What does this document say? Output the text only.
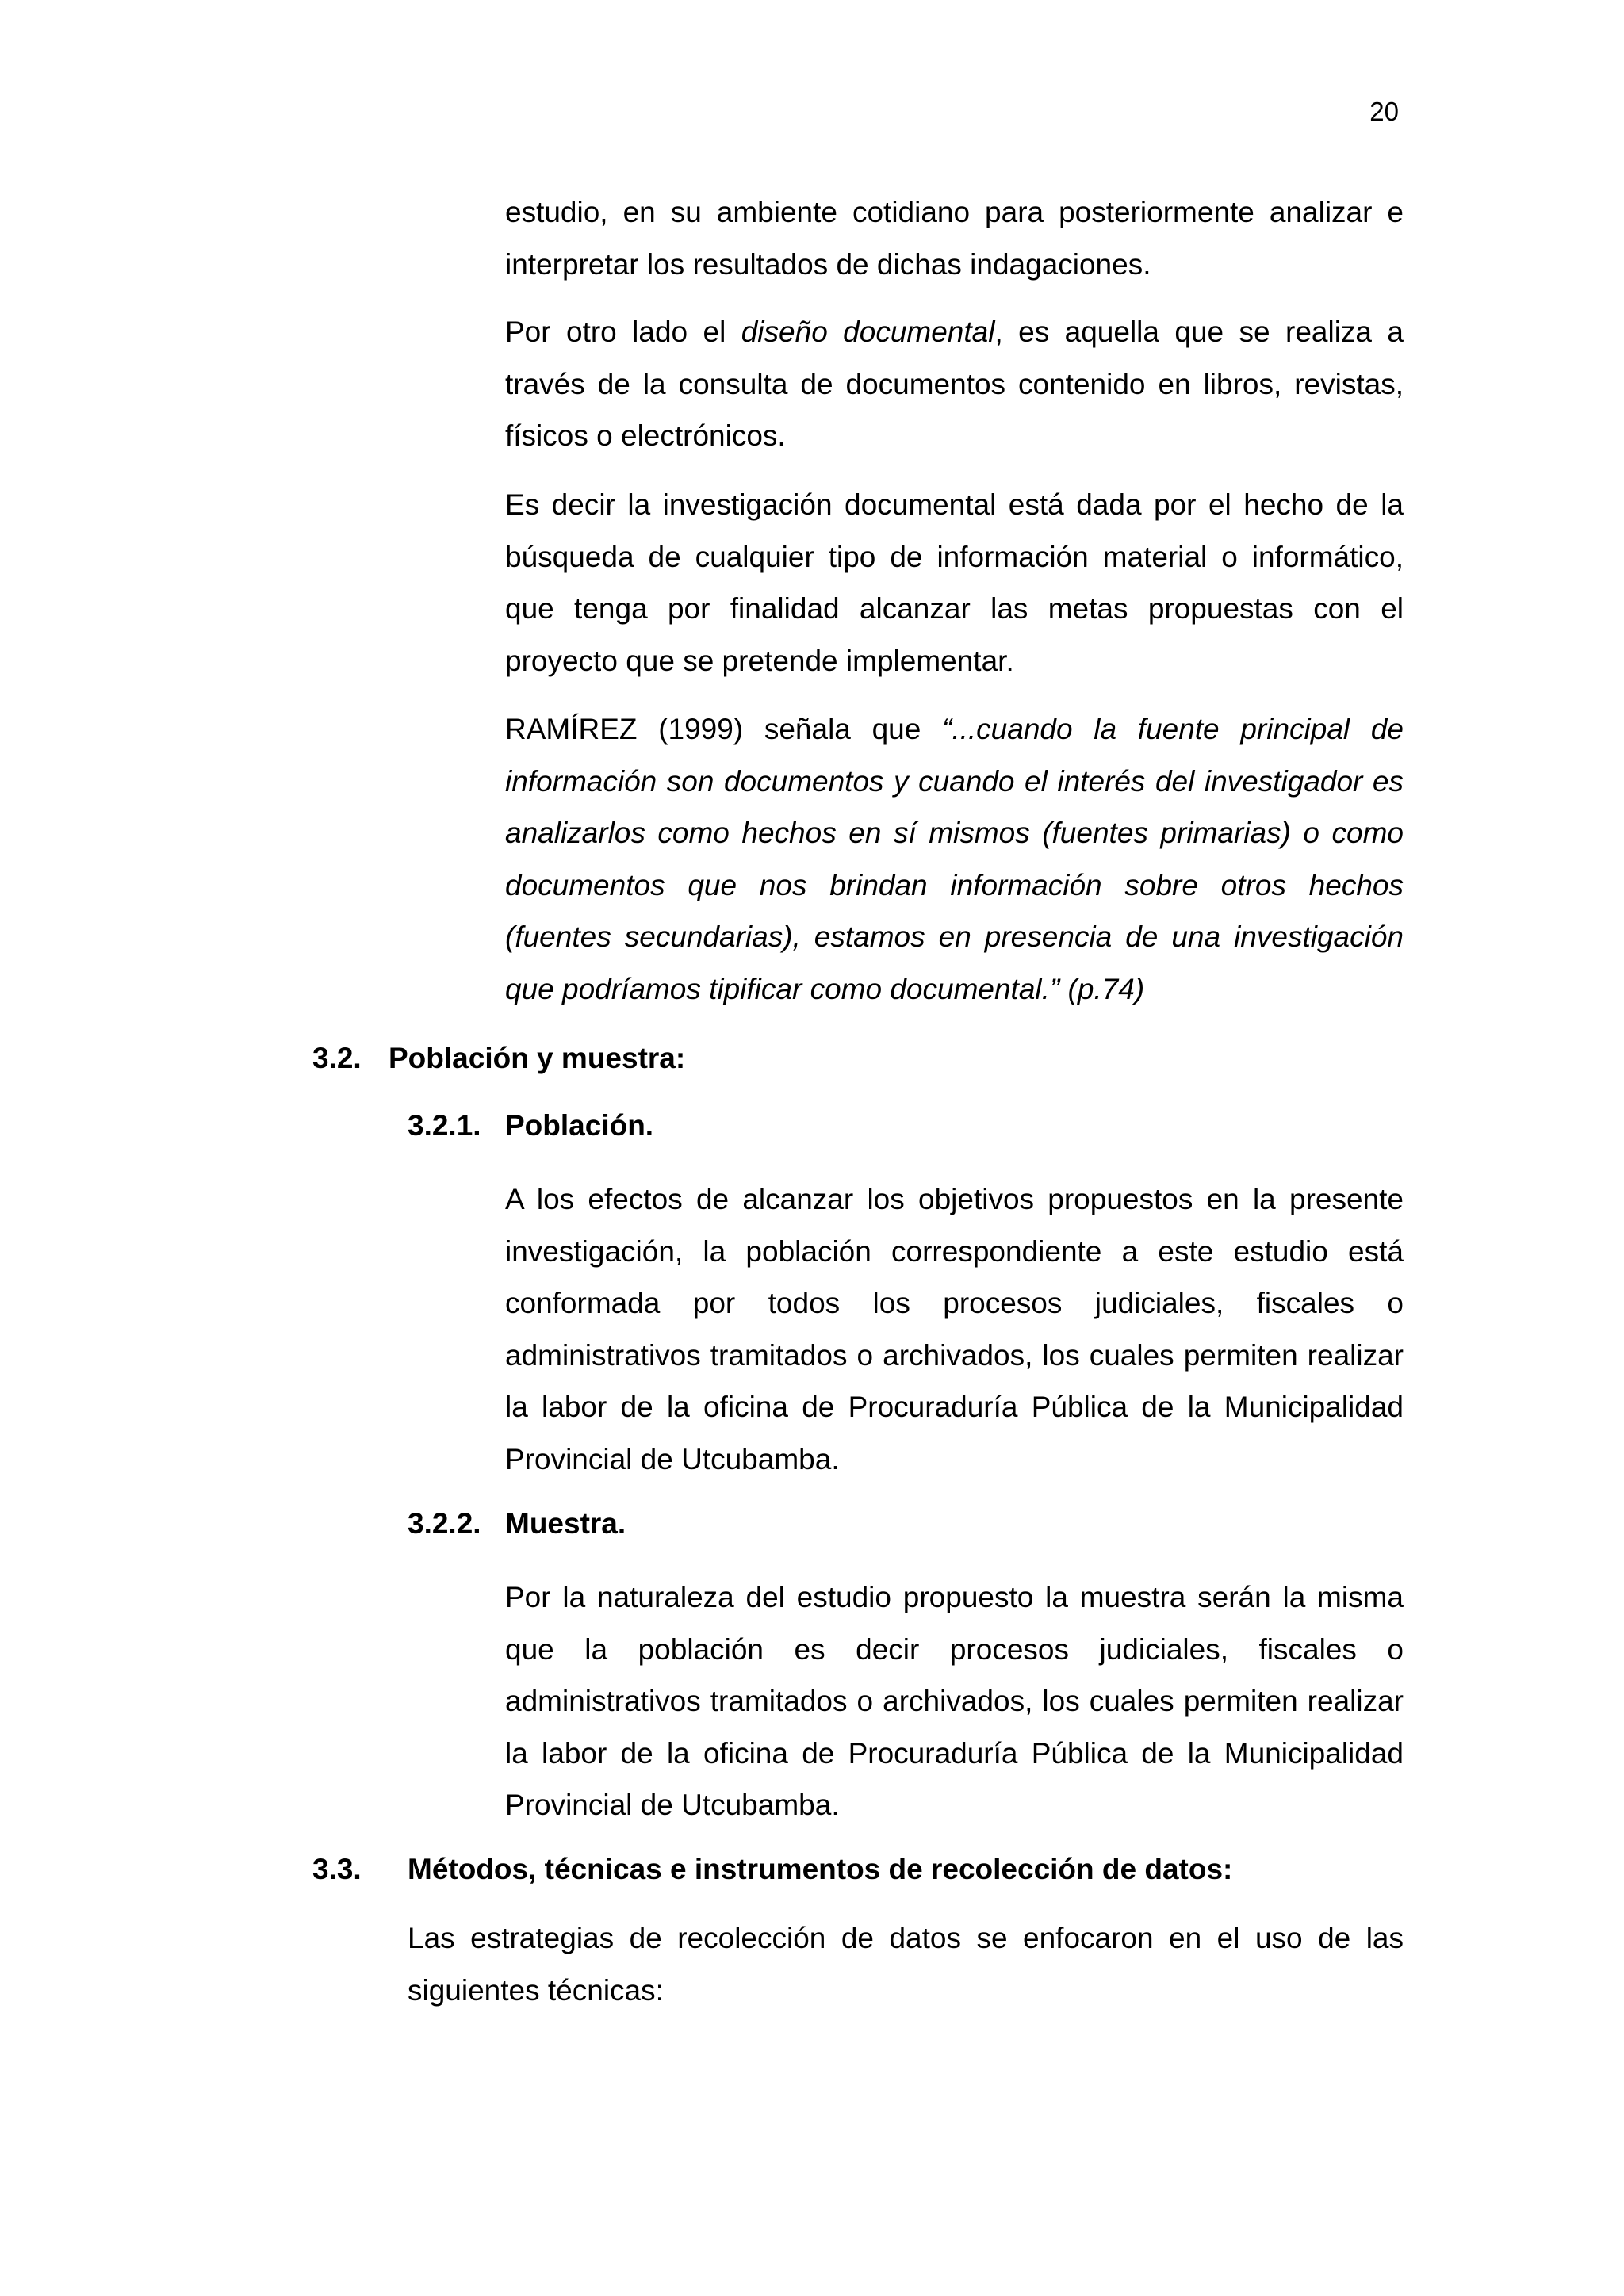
20

estudio, en su ambiente cotidiano para posteriormente analizar e interpretar los resultados de dichas indagaciones.

Por otro lado el diseño documental, es aquella que se realiza a través de la consulta de documentos contenido en libros, revistas, físicos o electrónicos.

Es decir la investigación documental está dada por el hecho de la búsqueda de cualquier tipo de información material o informático, que tenga por finalidad alcanzar las metas propuestas con el proyecto que se pretende implementar.

RAMÍREZ (1999) señala que “...cuando la fuente principal de información son documentos y cuando el interés del investigador es analizarlos como hechos en sí mismos (fuentes primarias) o como documentos que nos brindan información sobre otros hechos (fuentes secundarias), estamos en presencia de una investigación que podríamos tipificar como documental.” (p.74)

3.2. Población y muestra:
3.2.1. Población.

A los efectos de alcanzar los objetivos propuestos en la presente investigación, la población correspondiente a este estudio está conformada por todos los procesos judiciales, fiscales o administrativos tramitados o archivados, los cuales permiten realizar la labor de la oficina de Procuraduría Pública de la Municipalidad Provincial de Utcubamba.

3.2.2. Muestra.

Por la naturaleza del estudio propuesto la muestra serán la misma que la población es decir procesos judiciales, fiscales o administrativos tramitados o archivados, los cuales permiten realizar la labor de la oficina de Procuraduría Pública de la Municipalidad Provincial de Utcubamba.

3.3. Métodos, técnicas e instrumentos de recolección de datos:

Las estrategias de recolección de datos se enfocaron en el uso de las siguientes técnicas:
